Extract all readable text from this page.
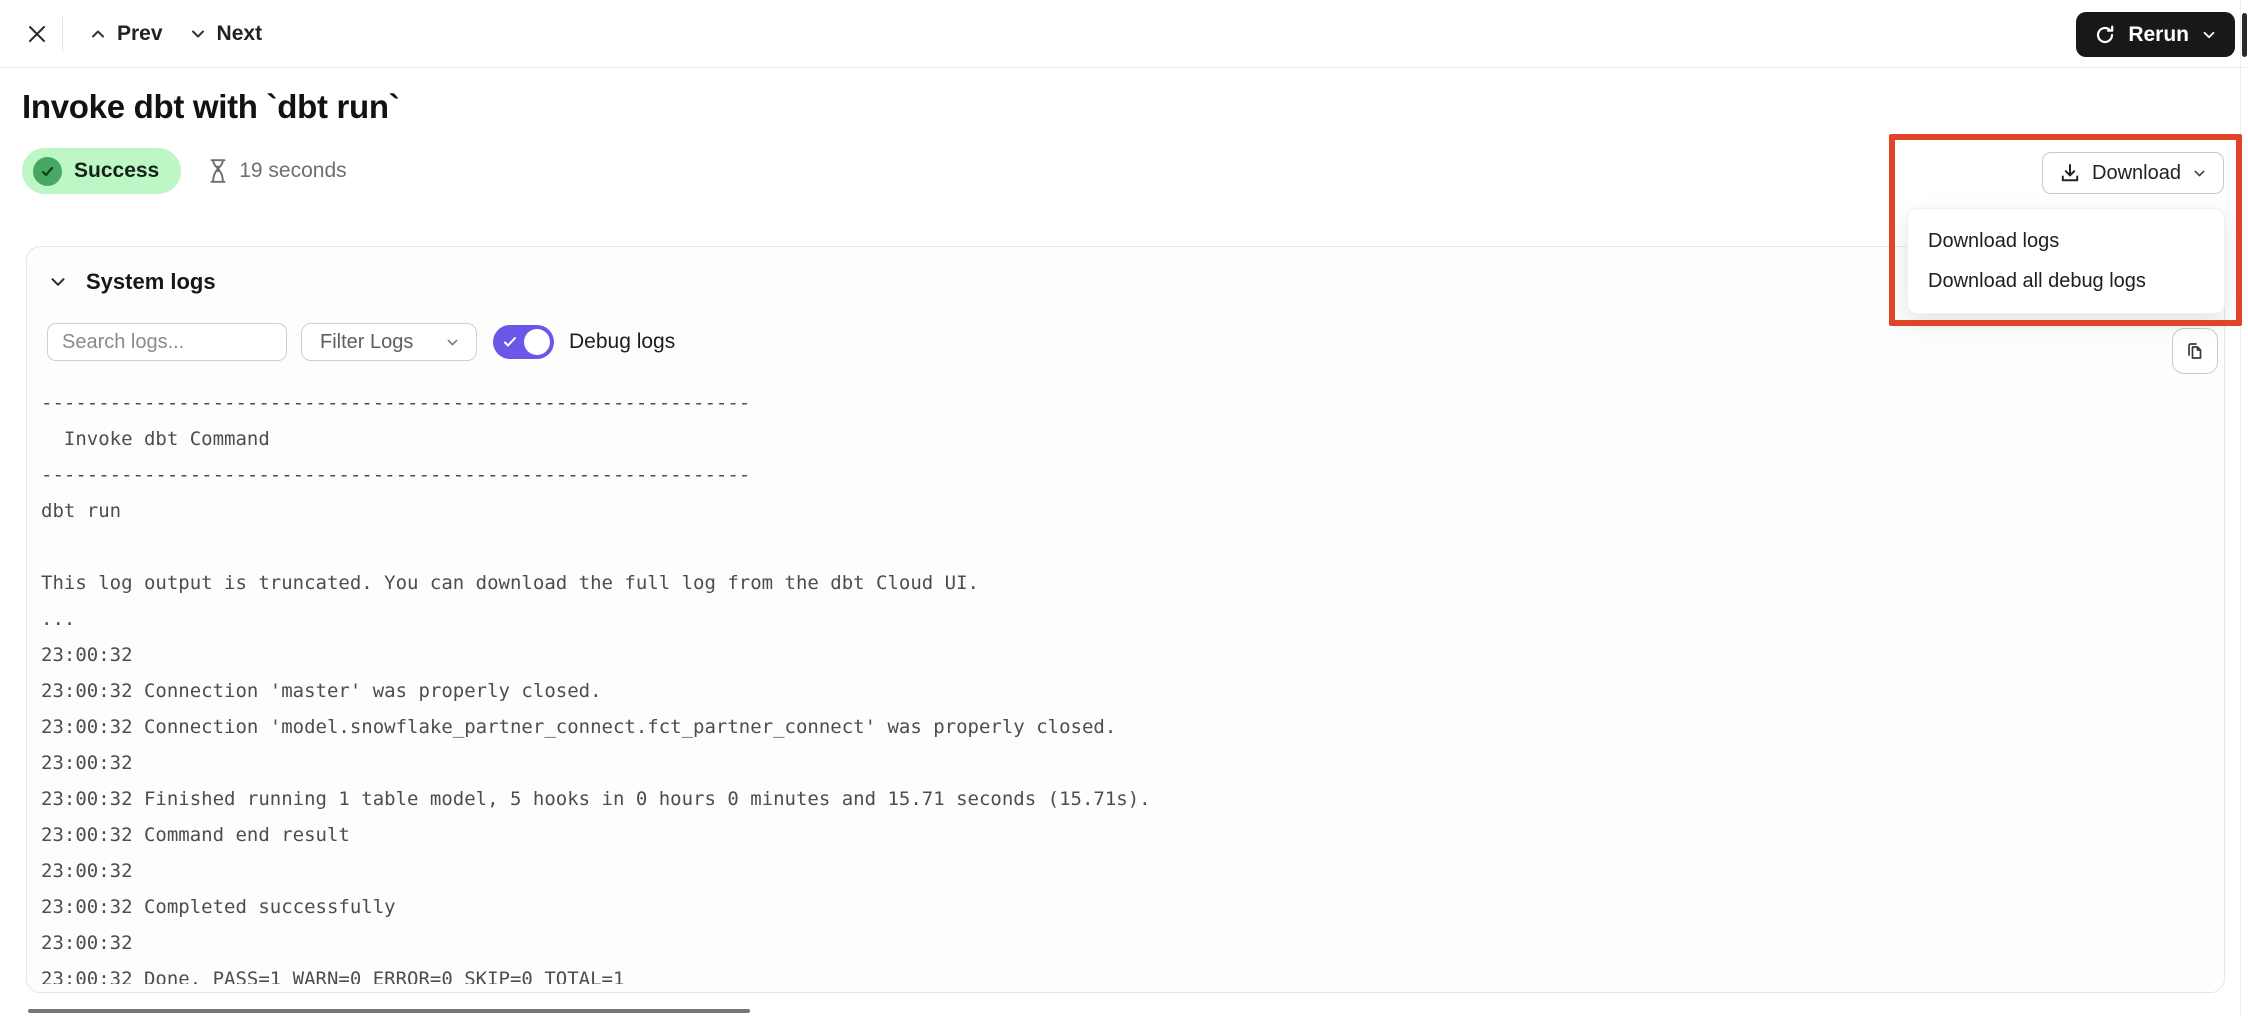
Prev	Next	Rerun
Invoke dbt with `dbt run`
Success	19 seconds	Download
Download logs
Download all debug logs
System logs
Search logs...
Filter Logs	Debug logs
--------------------------------------------------------------
Invoke dbt Command
--------------------------------------------------------------
dbt run

This log output is truncated. You can download the full log from the dbt Cloud UI.
...
23:00:32
23:00:32 Connection 'master' was properly closed.
23:00:32 Connection 'model.snowflake_partner_connect.fct_partner_connect' was properly closed.
23:00:32
23:00:32 Finished running 1 table model, 5 hooks in 0 hours 0 minutes and 15.71 seconds (15.71s).
23:00:32 Command end result
23:00:32
23:00:32 Completed successfully
23:00:32
23:00:32 Done. PASS=1 WARN=0 ERROR=0 SKIP=0 TOTAL=1
